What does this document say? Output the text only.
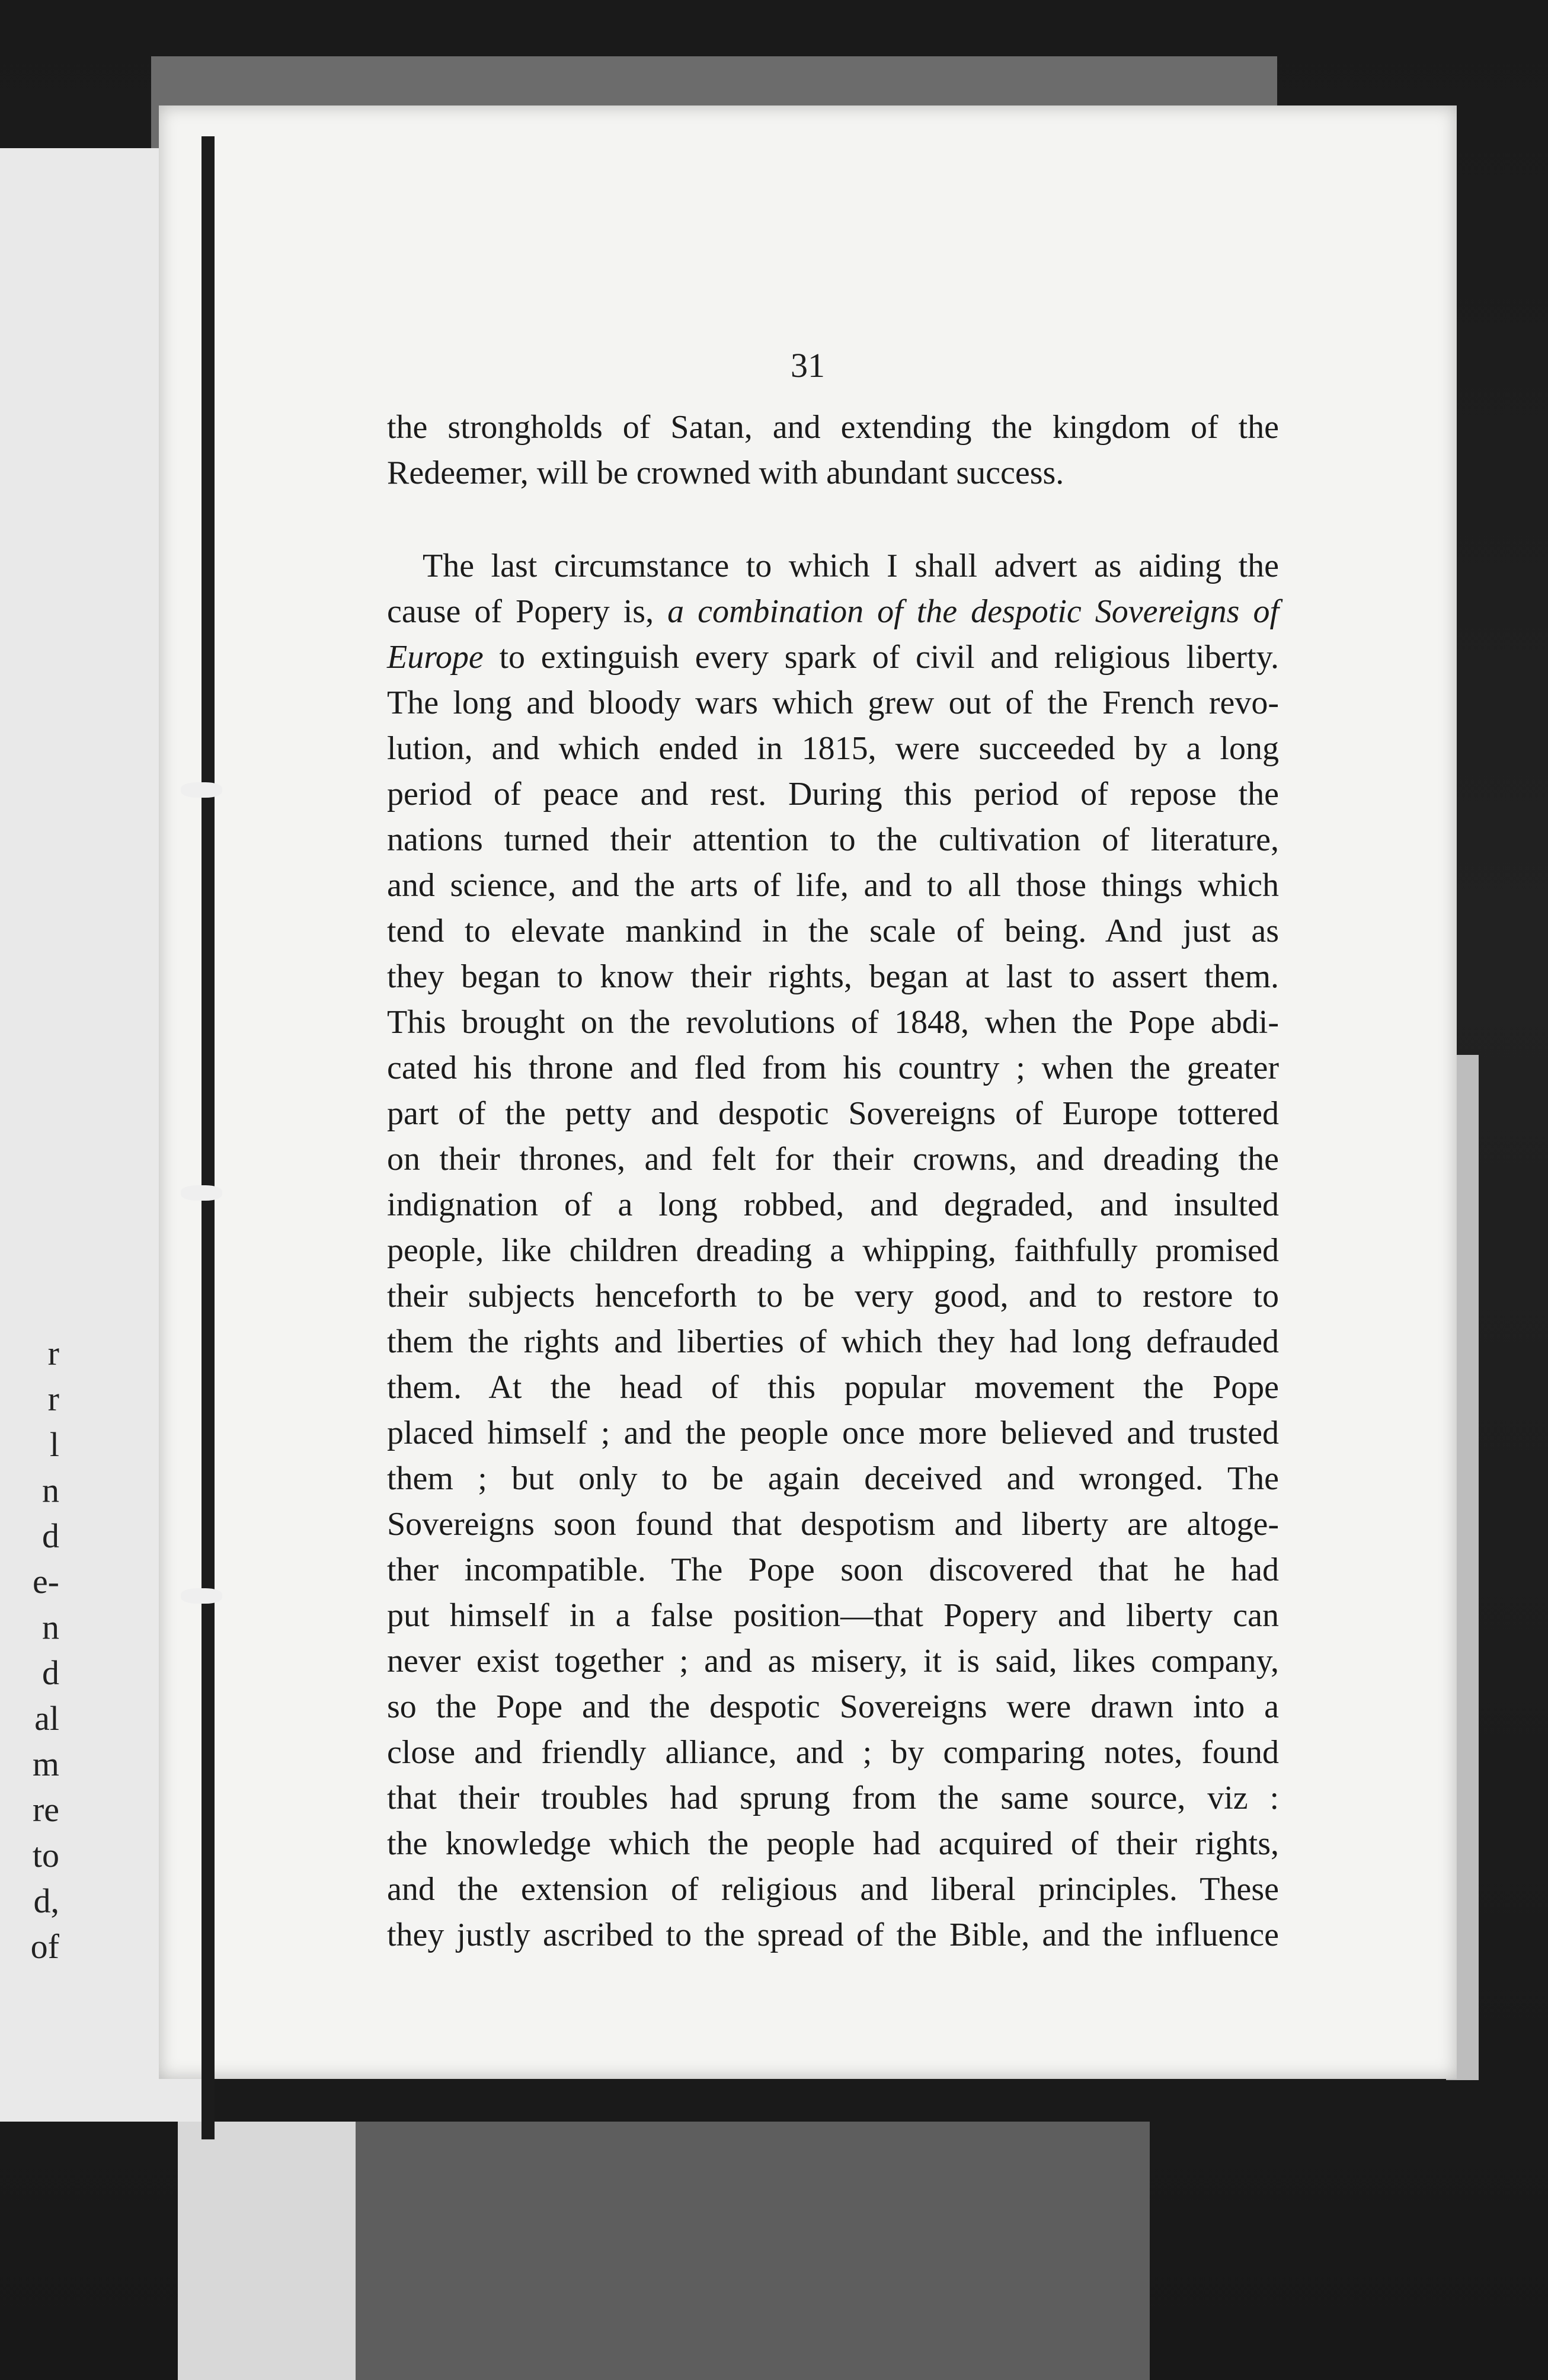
r
r
l
n
d
e-
n
d
al
m
re
to
d,
of
31
the strongholds of Satan, and extending the kingdom of the
Redeemer, will be crowned with abundant success.
The last circumstance to which I shall advert as aiding the
cause of Popery is, a combination of the despotic Sovereigns of
Europe to extinguish every spark of civil and religious liberty.
The long and bloody wars which grew out of the French revo-
lution, and which ended in 1815, were succeeded by a long
period of peace and rest. During this period of repose the
nations turned their attention to the cultivation of literature,
and science, and the arts of life, and to all those things which
tend to elevate mankind in the scale of being. And just as
they began to know their rights, began at last to assert them.
This brought on the revolutions of 1848, when the Pope abdi-
cated his throne and fled from his country ; when the greater
part of the petty and despotic Sovereigns of Europe tottered
on their thrones, and felt for their crowns, and dreading the
indignation of a long robbed, and degraded, and insulted
people, like children dreading a whipping, faithfully promised
their subjects henceforth to be very good, and to restore to
them the rights and liberties of which they had long defrauded
them. At the head of this popular movement the Pope
placed himself ; and the people once more believed and trusted
them ; but only to be again deceived and wronged. The
Sovereigns soon found that despotism and liberty are altoge-
ther incompatible. The Pope soon discovered that he had
put himself in a false position—that Popery and liberty can
never exist together ; and as misery, it is said, likes company,
so the Pope and the despotic Sovereigns were drawn into a
close and friendly alliance, and ; by comparing notes, found
that their troubles had sprung from the same source, viz :
the knowledge which the people had acquired of their rights,
and the extension of religious and liberal principles. These
they justly ascribed to the spread of the Bible, and the influence
